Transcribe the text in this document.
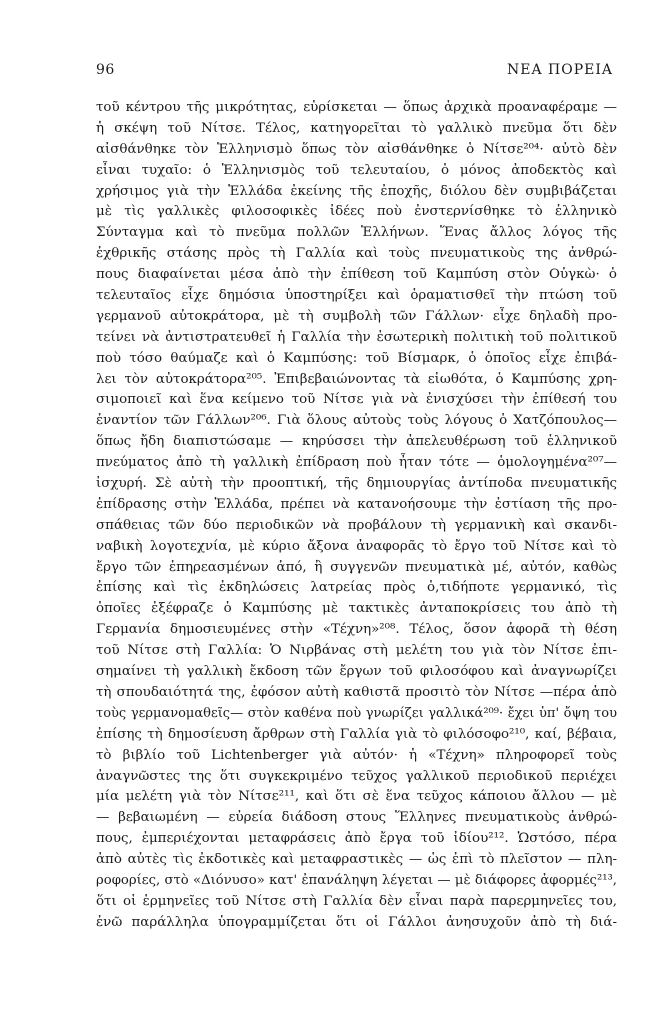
96	ΝΕΑ ΠΟΡΕΙΑ
τοῦ κέντρου τῆς μικρότητας, εὑρίσκεται — ὅπως ἀρχικὰ προαναφέραμε —
ἡ σκέψη τοῦ Νίτσε. Τέλος, κατηγορεῖται τὸ γαλλικὸ πνεῦμα ὅτι δὲν
αἰσθάνθηκε τὸν Ἑλληνισμὸ ὅπως τὸν αἰσθάνθηκε ὁ Νίτσε²⁰⁴· αὐτὸ δὲν
εἶναι τυχαῖο: ὁ Ἑλληνισμὸς τοῦ τελευταίου, ὁ μόνος ἀποδεκτὸς καὶ
χρήσιμος γιὰ τὴν Ἑλλάδα ἐκείνης τῆς ἐποχῆς, διόλου δὲν συμβιβάζεται
μὲ τὶς γαλλικὲς φιλοσοφικὲς ἰδέες ποὺ ἐνστερνίσθηκε τὸ ἑλληνικὸ
Σύνταγμα καὶ τὸ πνεῦμα πολλῶν Ἑλλήνων. Ἕνας ἄλλος λόγος τῆς
ἐχθρικῆς στάσης πρὸς τὴ Γαλλία καὶ τοὺς πνευματικοὺς της ἀνθρώ-
πους διαφαίνεται μέσα ἀπὸ τὴν ἐπίθεση τοῦ Καμπύση στὸν Οὐγκὼ· ὁ
τελευταῖος εἶχε δημόσια ὑποστηρίξει καὶ ὁραματισθεῖ τὴν πτώση τοῦ
γερμανοῦ αὐτοκράτορα, μὲ τὴ συμβολὴ τῶν Γάλλων· εἶχε δηλαδὴ προ-
τείνει νὰ ἀντιστρατευθεῖ ἡ Γαλλία τὴν ἐσωτερικὴ πολιτικὴ τοῦ πολιτικοῦ
ποὺ τόσο θαύμαζε καὶ ὁ Καμπύσης: τοῦ Βίσμαρκ, ὁ ὁποῖος εἶχε ἐπιβά-
λει τὸν αὐτοκράτορα²⁰⁵. Ἐπιβεβαιώνοντας τὰ εἰωθότα, ὁ Καμπύσης χρη-
σιμοποιεῖ καὶ ἕνα κείμενο τοῦ Νίτσε γιὰ νὰ ἐνισχύσει τὴν ἐπίθεσή του
ἐναντίον τῶν Γάλλων²⁰⁶. Γιὰ ὅλους αὐτοὺς τοὺς λόγους ὁ Χατζόπουλος—
ὅπως ἤδη διαπιστώσαμε — κηρύσσει τὴν ἀπελευθέρωση τοῦ ἑλληνικοῦ
πνεύματος ἀπὸ τὴ γαλλικὴ ἐπίδραση ποὺ ἦταν τότε — ὁμολογημένα²⁰⁷—
ἰσχυρή. Σὲ αὐτὴ τὴν προοπτική, τῆς δημιουργίας ἀντίποδα πνευματικῆς
ἐπίδρασης στὴν Ἑλλάδα, πρέπει νὰ κατανοήσουμε τὴν ἐστίαση τῆς προ-
σπάθειας τῶν δύο περιοδικῶν νὰ προβάλουν τὴ γερμανικὴ καὶ σκανδι-
ναβικὴ λογοτεχνία, μὲ κύριο ἄξονα ἀναφορᾶς τὸ ἔργο τοῦ Νίτσε καὶ τὸ
ἔργο τῶν ἐπηρεασμένων ἀπό, ἢ συγγενῶν πνευματικὰ μέ, αὐτόν, καθὼς
ἐπίσης καὶ τὶς ἐκδηλώσεις λατρείας πρὸς ὁ,τιδήποτε γερμανικό, τὶς
ὁποῖες ἐξέφραζε ὁ Καμπύσης μὲ τακτικὲς ἀνταποκρίσεις του ἀπὸ τὴ
Γερμανία δημοσιευμένες στὴν «Τέχνη»²⁰⁸. Τέλος, ὅσον ἀφορᾶ τὴ θέση
τοῦ Νίτσε στὴ Γαλλία: Ὁ Νιρβάνας στὴ μελέτη του γιὰ τὸν Νίτσε ἐπι-
σημαίνει τὴ γαλλικὴ ἔκδοση τῶν ἔργων τοῦ φιλοσόφου καὶ ἀναγνωρίζει
τὴ σπουδαιότητά της, ἐφόσον αὐτὴ καθιστᾶ προσιτὸ τὸν Νίτσε —πέρα ἀπὸ
τοὺς γερμανομαθεῖς— στὸν καθένα ποὺ γνωρίζει γαλλικά²⁰⁹· ἔχει ὑπ' ὄψη του
ἐπίσης τὴ δημοσίευση ἄρθρων στὴ Γαλλία γιὰ τὸ φιλόσοφο²¹⁰, καί, βέβαια,
τὸ βιβλίο τοῦ Lichtenberger γιὰ αὐτόν· ἡ «Τέχνη» πληροφορεῖ τοὺς
ἀναγνῶστες της ὅτι συγκεκριμένο τεῦχος γαλλικοῦ περιοδικοῦ περιέχει
μία μελέτη γιὰ τὸν Νίτσε²¹¹, καὶ ὅτι σὲ ἕνα τεῦχος κάποιου ἄλλου — μὲ
— βεβαιωμένη — εὐρεία διάδοση στους Ἕλληνες πνευματικοὺς ἀνθρώ-
πους, ἐμπεριέχονται μεταφράσεις ἀπὸ ἔργα τοῦ ἰδίου²¹². Ὡστόσο, πέρα
ἀπὸ αὐτὲς τὶς ἐκδοτικὲς καὶ μεταφραστικὲς — ὡς ἐπὶ τὸ πλεῖστον — πλη-
ροφορίες, στὸ «Διόνυσο» κατ' ἐπανάληψη λέγεται — μὲ διάφορες ἀφορμές²¹³,
ὅτι οἱ ἑρμηνεῖες τοῦ Νίτσε στὴ Γαλλία δὲν εἶναι παρὰ παρερμηνεῖες του,
ἐνῶ παράλληλα ὑπογραμμίζεται ὅτι οἱ Γάλλοι ἀνησυχοῦν ἀπὸ τὴ διά-
